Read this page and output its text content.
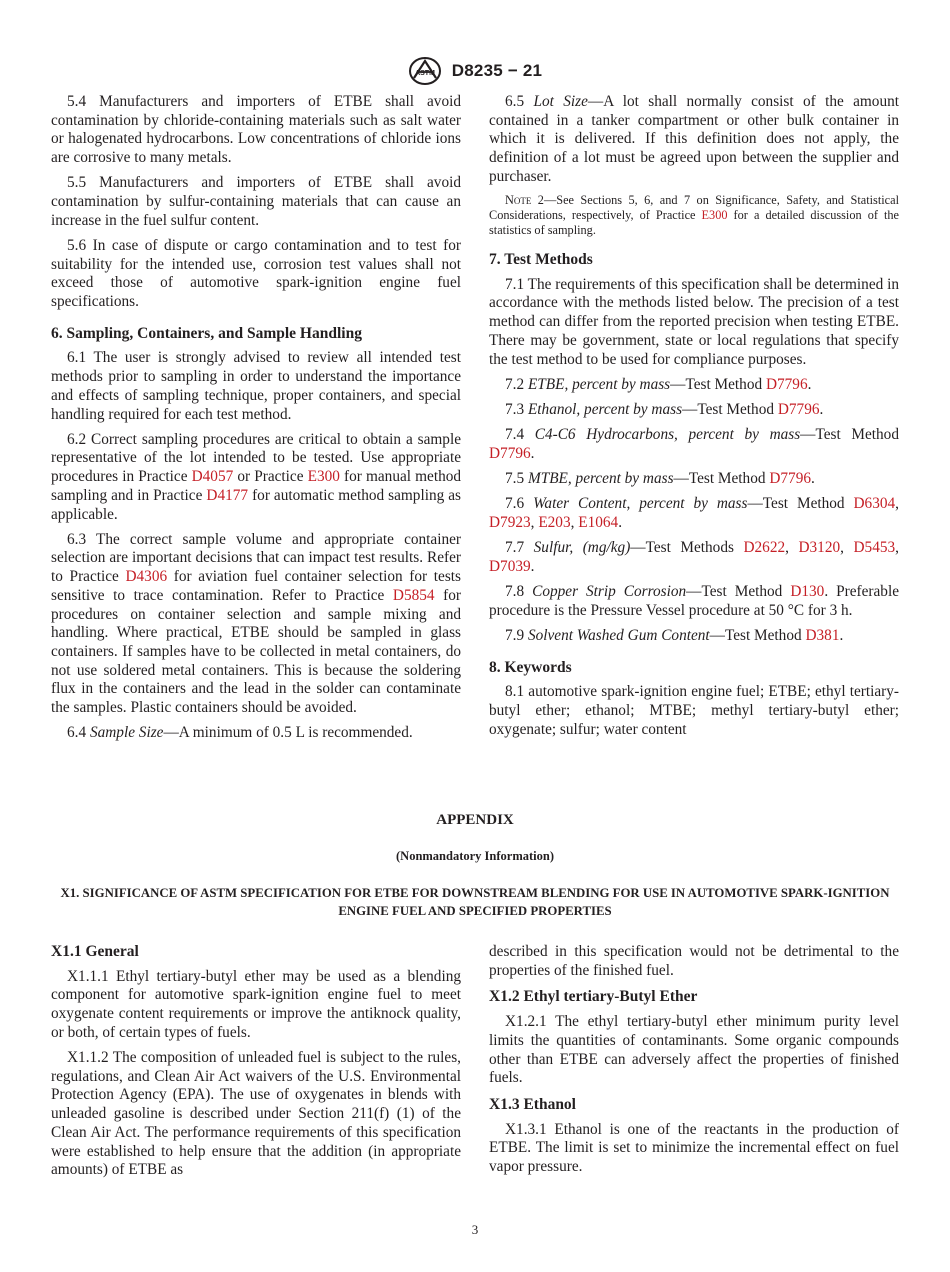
ASTM D8235 − 21

5.4 Manufacturers and importers of ETBE shall avoid contamination by chloride-containing materials such as salt water or halogenated hydrocarbons. Low concentrations of chloride ions are corrosive to many metals.

5.5 Manufacturers and importers of ETBE shall avoid contamination by sulfur-containing materials that can cause an increase in the fuel sulfur content.

5.6 In case of dispute or cargo contamination and to test for suitability for the intended use, corrosion test values shall not exceed those of automotive spark-ignition engine fuel specifications.

6. Sampling, Containers, and Sample Handling

6.1 The user is strongly advised to review all intended test methods prior to sampling in order to understand the importance and effects of sampling technique, proper containers, and special handling required for each test method.

6.2 Correct sampling procedures are critical to obtain a sample representative of the lot intended to be tested. Use appropriate procedures in Practice D4057 or Practice E300 for manual method sampling and in Practice D4177 for automatic method sampling as applicable.

6.3 The correct sample volume and appropriate container selection are important decisions that can impact test results. Refer to Practice D4306 for aviation fuel container selection for tests sensitive to trace contamination. Refer to Practice D5854 for procedures on container selection and sample mixing and handling. Where practical, ETBE should be sampled in glass containers. If samples have to be collected in metal containers, do not use soldered metal containers. This is because the soldering flux in the containers and the lead in the solder can contaminate the samples. Plastic containers should be avoided.

6.4 Sample Size—A minimum of 0.5 L is recommended.

6.5 Lot Size—A lot shall normally consist of the amount contained in a tanker compartment or other bulk container in which it is delivered. If this definition does not apply, the definition of a lot must be agreed upon between the supplier and purchaser.

Note 2—See Sections 5, 6, and 7 on Significance, Safety, and Statistical Considerations, respectively, of Practice E300 for a detailed discussion of the statistics of sampling.
7. Test Methods

7.1 The requirements of this specification shall be determined in accordance with the methods listed below. The precision of a test method can differ from the reported precision when testing ETBE. There may be government, state or local regulations that specify the test method to be used for compliance purposes.

7.2 ETBE, percent by mass—Test Method D7796.

7.3 Ethanol, percent by mass—Test Method D7796.

7.4 C4-C6 Hydrocarbons, percent by mass—Test Method D7796.

7.5 MTBE, percent by mass—Test Method D7796.

7.6 Water Content, percent by mass—Test Method D6304, D7923, E203, E1064.

7.7 Sulfur, (mg/kg)—Test Methods D2622, D3120, D5453, D7039.

7.8 Copper Strip Corrosion—Test Method D130. Preferable procedure is the Pressure Vessel procedure at 50 °C for 3 h.

7.9 Solvent Washed Gum Content—Test Method D381.

8. Keywords

8.1 automotive spark-ignition engine fuel; ETBE; ethyl tertiary-butyl ether; ethanol; MTBE; methyl tertiary-butyl ether; oxygenate; sulfur; water content

APPENDIX
(Nonmandatory Information)
X1. SIGNIFICANCE OF ASTM SPECIFICATION FOR ETBE FOR DOWNSTREAM BLENDING FOR USE IN AUTOMOTIVE SPARK-IGNITION ENGINE FUEL AND SPECIFIED PROPERTIES
X1.1 General

X1.1.1 Ethyl tertiary-butyl ether may be used as a blending component for automotive spark-ignition engine fuel to meet oxygenate content requirements or improve the antiknock quality, or both, of certain types of fuels.

X1.1.2 The composition of unleaded fuel is subject to the rules, regulations, and Clean Air Act waivers of the U.S. Environmental Protection Agency (EPA). The use of oxygenates in blends with unleaded gasoline is described under Section 211(f) (1) of the Clean Air Act. The performance requirements of this specification were established to help ensure that the addition (in appropriate amounts) of ETBE as

described in this specification would not be detrimental to the properties of the finished fuel.

X1.2 Ethyl tertiary-Butyl Ether

X1.2.1 The ethyl tertiary-butyl ether minimum purity level limits the quantities of contaminants. Some organic compounds other than ETBE can adversely affect the properties of finished fuels.

X1.3 Ethanol

X1.3.1 Ethanol is one of the reactants in the production of ETBE. The limit is set to minimize the incremental effect on fuel vapor pressure.

3
